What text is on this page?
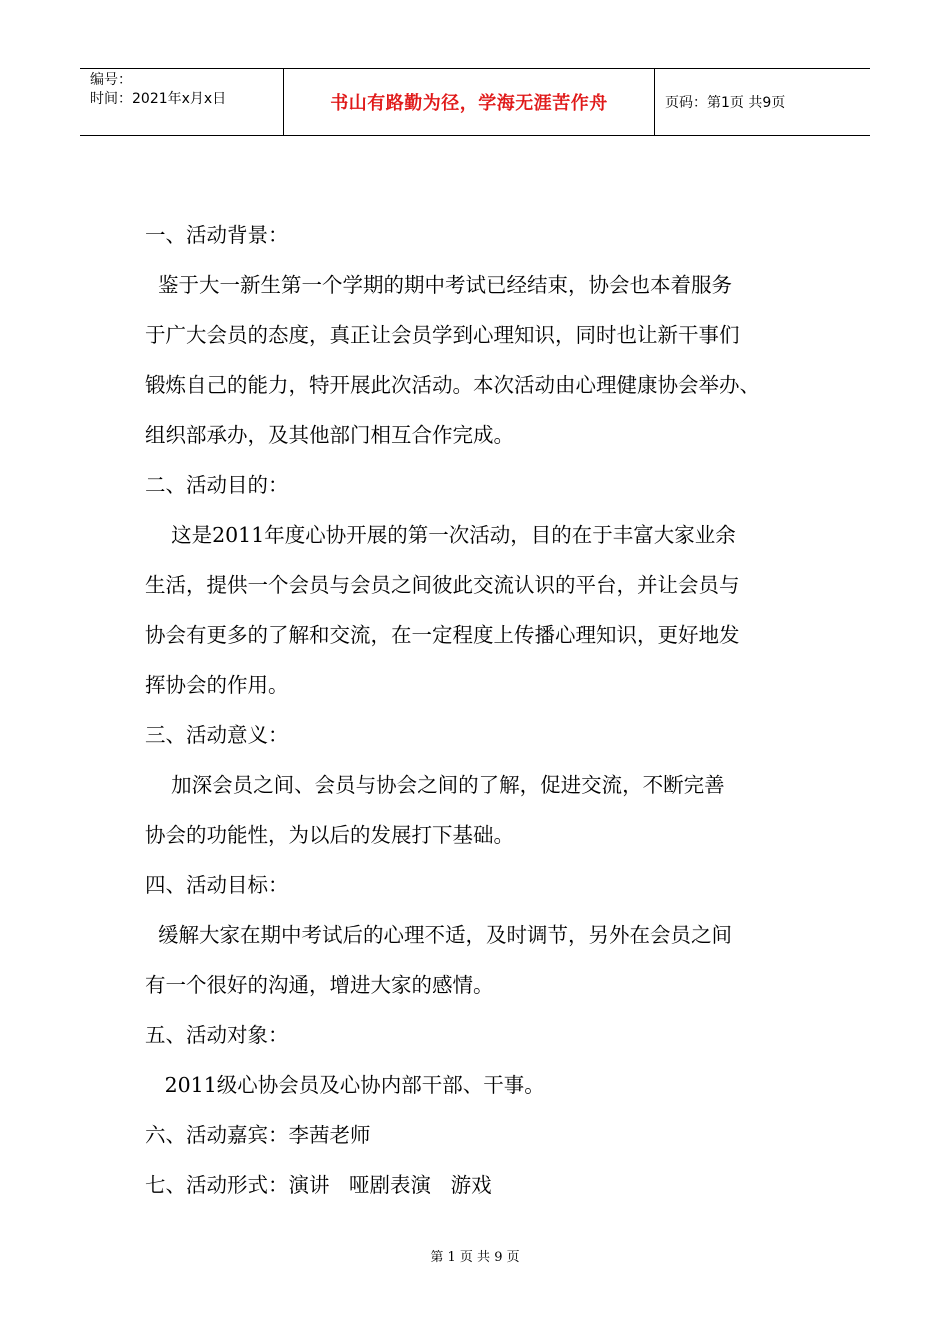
编号：
时间：2021年x月x日	书山有路勤为径，学海无涯苦作舟	页码：第1页 共9页

一、活动背景：

鉴于大一新生第一个学期的期中考试已经结束，协会也本着服务

于广大会员的态度，真正让会员学到心理知识，同时也让新干事们

锻炼自己的能力，特开展此次活动。本次活动由心理健康协会举办、

组织部承办，及其他部门相互合作完成。

二、活动目的：

这是2011年度心协开展的第一次活动，目的在于丰富大家业余

生活，提供一个会员与会员之间彼此交流认识的平台，并让会员与

协会有更多的了解和交流，在一定程度上传播心理知识，更好地发

挥协会的作用。

三、活动意义：

加深会员之间、会员与协会之间的了解，促进交流，不断完善

协会的功能性，为以后的发展打下基础。

四、活动目标：

缓解大家在期中考试后的心理不适，及时调节，另外在会员之间

有一个很好的沟通，增进大家的感情。

五、活动对象：

2011级心协会员及心协内部干部、干事。

六、活动嘉宾：李茜老师

七、活动形式：演讲   哑剧表演   游戏

第 1 页 共 9 页
